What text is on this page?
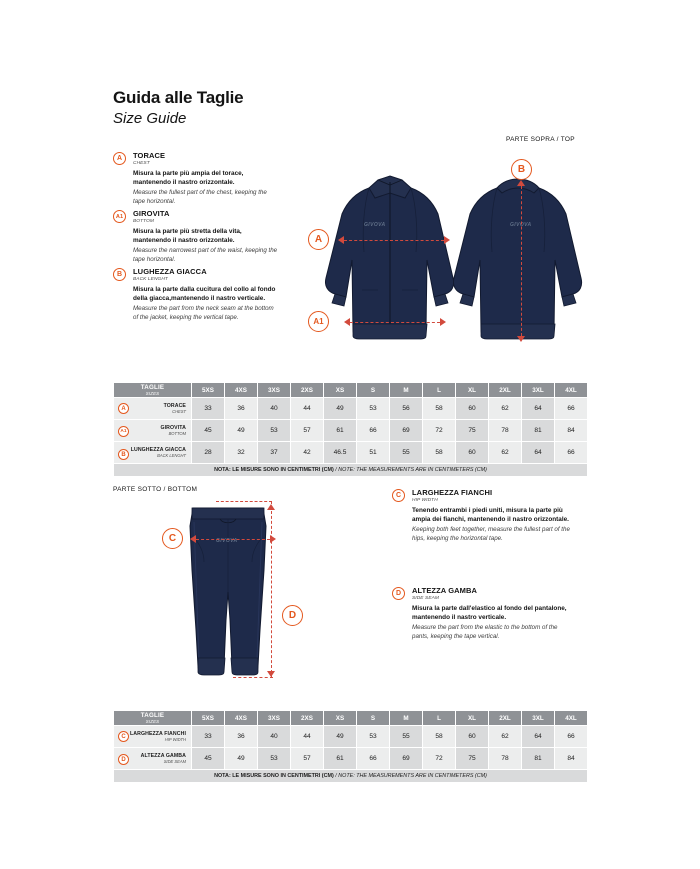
Guida alle Taglie
Size Guide
PARTE SOPRA / TOP
A	TORACE
CHEST
Misura la parte più ampia del torace, mantenendo il nastro orizzontale.
Measure the fullest part of the chest, keeping the tape horizontal.
A1	GIROVITA
BOTTOM
Misura la parte più stretta della vita, mantenendo il nastro orizzontale.
Measure the narrowest part of the waist, keeping the tape horizontal.
B	LUGHEZZA GIACCA
BACK LENGHT
Misura la parte dalla cucitura del collo al fondo della giacca,mantenendo il nastro verticale.
Measure the part from the neck seam at the bottom of the jacket, keeping the vertical tape.
GIVOVA
A
A1
GIVOVA
B
TAGLIE
SIZES	5XS	4XS	3XS	2XS	XS	S	M	L	XL	2XL	3XL	4XL

TORACE
CHEST	33	36	40	44	49	53	56	58	60	62	64	66

GIROVITA
BOTTOM	45	49	53	57	61	66	69	72	75	78	81	84

LUNGHEZZA GIACCA
BACK LENGHT	28	32	37	42	46.5	51	55	58	60	62	64	66
NOTA: LE MISURE SONO IN CENTIMETRI (CM) / NOTE: THE MEASUREMENTS ARE IN CENTIMETERS (CM)												
A
A1
B
PARTE SOTTO / BOTTOM
GIVOVA
C
D
C	LARGHEZZA FIANCHI
HIP WIDTH
Tenendo entrambi i piedi uniti, misura la parte più ampia dei fianchi, mantenendo il nastro orizzontale.
Keeping both feet together, measure the fullest part of the hips, keeping the horizontal tape.
D	ALTEZZA GAMBA
SIDE SEAM
Misura la parte dall'elastico al fondo del pantalone, mantenendo il nastro verticale.
Measure the part from the elastic to the bottom of the pants, keeping the tape vertical.
TAGLIE
SIZES	5XS	4XS	3XS	2XS	XS	S	M	L	XL	2XL	3XL	4XL

LARGHEZZA FIANCHI
HIP WIDTH	33	36	40	44	49	53	55	58	60	62	64	66

ALTEZZA GAMBA
SIDE SEAM	45	49	53	57	61	66	69	72	75	78	81	84
NOTA: LE MISURE SONO IN CENTIMETRI (CM) / NOTE: THE MEASUREMENTS ARE IN CENTIMETERS (CM)												
C
D
